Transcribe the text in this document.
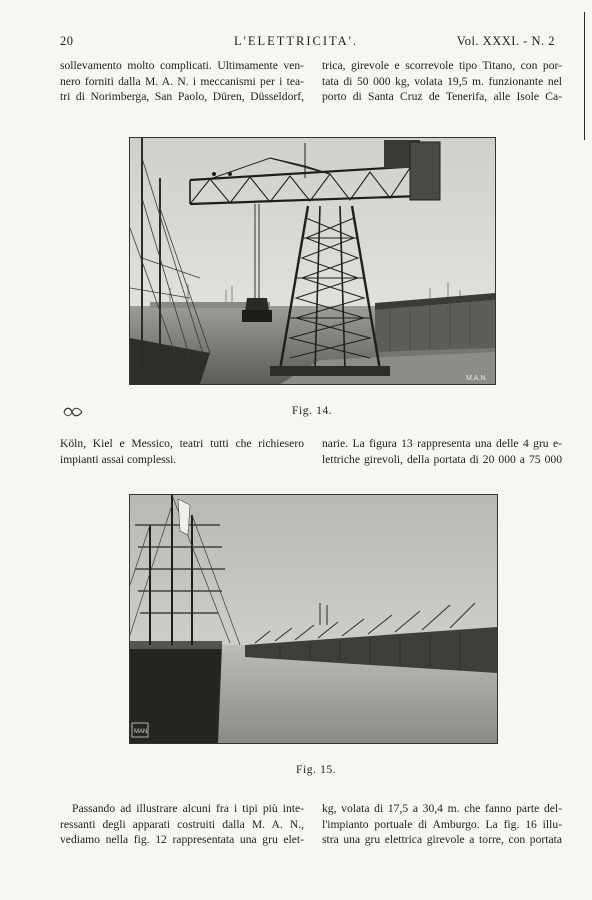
20	L'ELETTRICITA'.	Vol. XXXI. - N. 2
sollevamento molto complicati. Ultimamente ven-
nero forniti dalla M. A. N. i meccanismi per i tea-
tri di Norimberga, San Paolo, Düren, Düsseldorf,
trica, girevole e scorrevole tipo Titano, con por-
tata di 50 000 kg, volata 19,5 m. funzionante nel
porto di Santa Cruz de Tenerifa, alle Isole Ca-
M.A.N.
Fig. 14.
Köln, Kiel e Messico, teatri tutti che richiesero
impianti assai complessi.
narie. La figura 13 rappresenta una delle 4 gru e-
lettriche girevoli, della portata di 20 000 a 75 000
MAN
Fig. 15.
Passando ad illustrare alcuni fra i tipi più inte-
ressanti degli apparati costruiti dalla M. A. N.,
vediamo nella fig. 12 rappresentata una gru elet-
kg, volata di 17,5 a 30,4 m. che fanno parte del-
l'impianto portuale di Amburgo. La fig. 16 illu-
stra una gru elettrica girevole a torre, con portata
